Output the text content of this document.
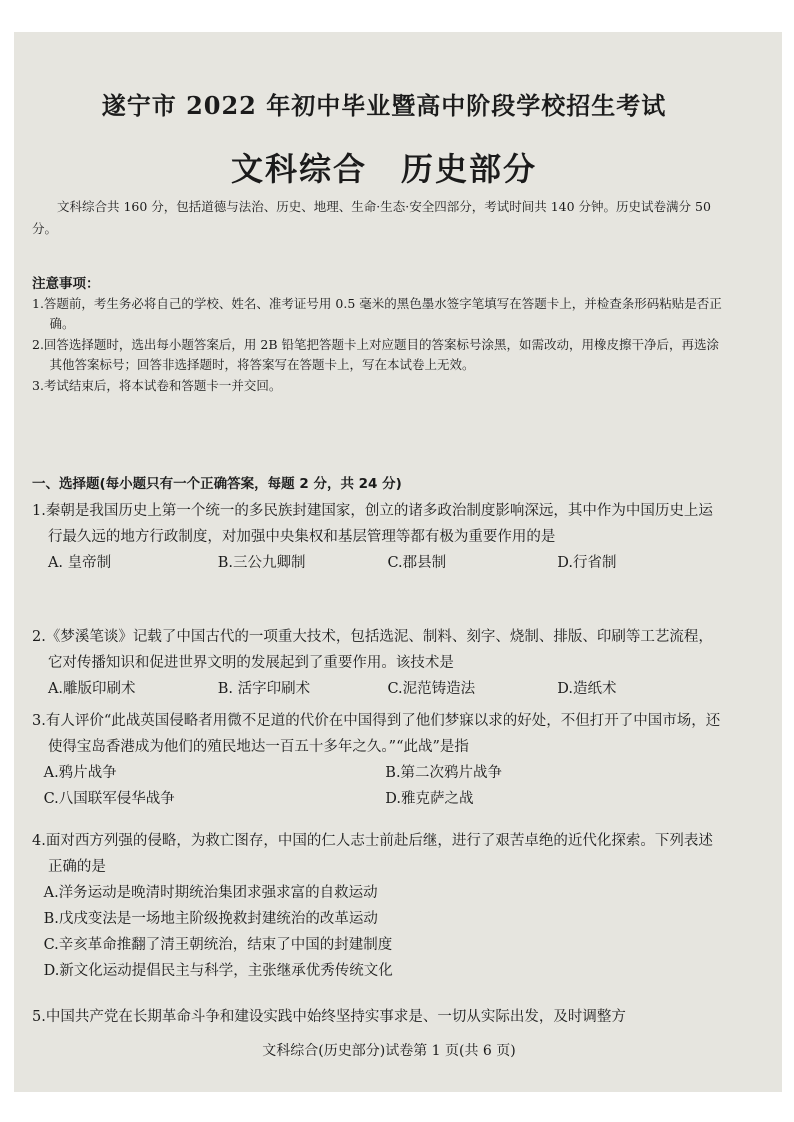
遂宁市 2022 年初中毕业暨高中阶段学校招生考试
文科综合　历史部分
文科综合共 160 分，包括道德与法治、历史、地理、生命·生态·安全四部分，考试时间共 140 分钟。历史试卷满分 50 分。
注意事项：
1.答题前，考生务必将自己的学校、姓名、准考证号用 0.5 毫米的黑色墨水签字笔填写在答题卡上，并检查条形码粘贴是否正确。
2.回答选择题时，选出每小题答案后，用 2B 铅笔把答题卡上对应题目的答案标号涂黑，如需改动，用橡皮擦干净后，再选涂其他答案标号；回答非选择题时，将答案写在答题卡上，写在本试卷上无效。
3.考试结束后，将本试卷和答题卡一并交回。
一、选择题(每小题只有一个正确答案，每题 2 分，共 24 分)
1.秦朝是我国历史上第一个统一的多民族封建国家，创立的诸多政治制度影响深远，其中作为中国历史上运行最久远的地方行政制度，对加强中央集权和基层管理等都有极为重要作用的是
A. 皇帝制	B.三公九卿制	C.郡县制	D.行省制
2.《梦溪笔谈》记载了中国古代的一项重大技术，包括选泥、制料、刻字、烧制、排版、印刷等工艺流程，它对传播知识和促进世界文明的发展起到了重要作用。该技术是
A.雕版印刷术	B. 活字印刷术	C.泥范铸造法	D.造纸术
3.有人评价“此战英国侵略者用微不足道的代价在中国得到了他们梦寐以求的好处，不但打开了中国市场，还使得宝岛香港成为他们的殖民地达一百五十多年之久。”“此战”是指
A.鸦片战争	B.第二次鸦片战争
C.八国联军侵华战争	D.雅克萨之战
4.面对西方列强的侵略，为救亡图存，中国的仁人志士前赴后继，进行了艰苦卓绝的近代化探索。下列表述正确的是
A.洋务运动是晚清时期统治集团求强求富的自救运动
B.戊戌变法是一场地主阶级挽救封建统治的改革运动
C.辛亥革命推翻了清王朝统治，结束了中国的封建制度
D.新文化运动提倡民主与科学，主张继承优秀传统文化
5.中国共产党在长期革命斗争和建设实践中始终坚持实事求是、一切从实际出发，及时调整方
文科综合(历史部分)试卷第 1 页(共 6 页)
